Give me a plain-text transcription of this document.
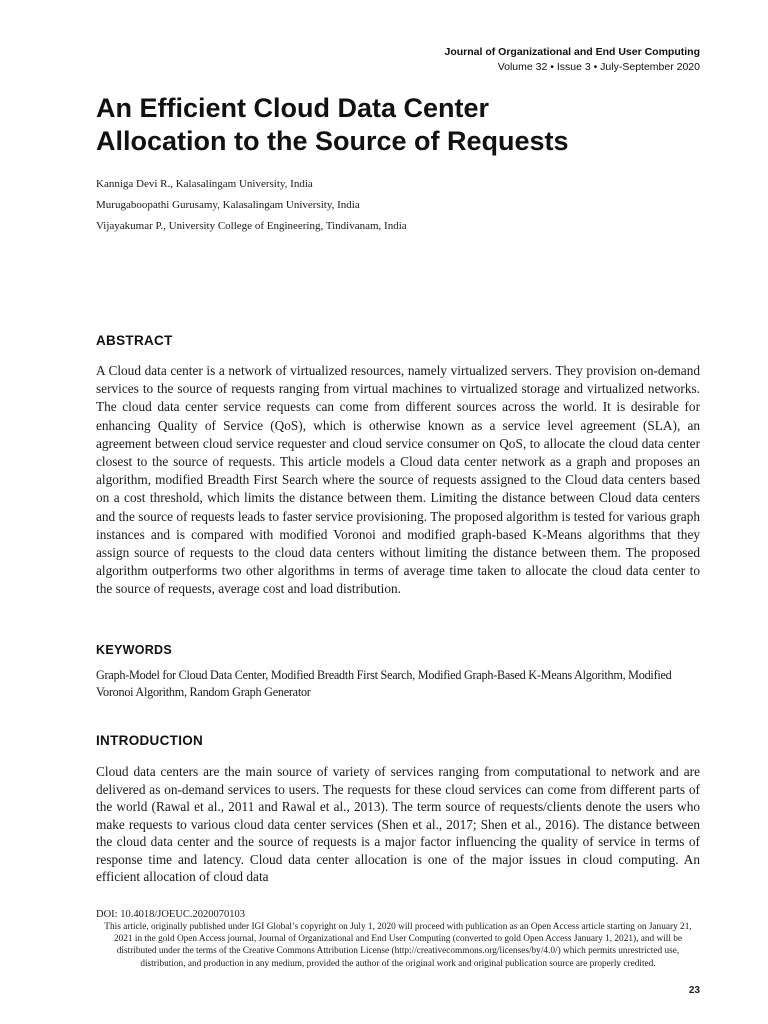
Journal of Organizational and End User Computing
Volume 32 • Issue 3 • July-September 2020
An Efficient Cloud Data Center
Allocation to the Source of Requests
Kanniga Devi R., Kalasalingam University, India
Murugaboopathi Gurusamy, Kalasalingam University, India
Vijayakumar P., University College of Engineering, Tindivanam, India
ABSTRACT

A Cloud data center is a network of virtualized resources, namely virtualized servers. They provision on-demand services to the source of requests ranging from virtual machines to virtualized storage and virtualized networks. The cloud data center service requests can come from different sources across the world. It is desirable for enhancing Quality of Service (QoS), which is otherwise known as a service level agreement (SLA), an agreement between cloud service requester and cloud service consumer on QoS, to allocate the cloud data center closest to the source of requests. This article models a Cloud data center network as a graph and proposes an algorithm, modified Breadth First Search where the source of requests assigned to the Cloud data centers based on a cost threshold, which limits the distance between them. Limiting the distance between Cloud data centers and the source of requests leads to faster service provisioning. The proposed algorithm is tested for various graph instances and is compared with modified Voronoi and modified graph-based K-Means algorithms that they assign source of requests to the cloud data centers without limiting the distance between them. The proposed algorithm outperforms two other algorithms in terms of average time taken to allocate the cloud data center to the source of requests, average cost and load distribution.

KEYWORDS

Graph-Model for Cloud Data Center, Modified Breadth First Search, Modified Graph-Based K-Means Algorithm, Modified Voronoi Algorithm, Random Graph Generator

INTRODUCTION

Cloud data centers are the main source of variety of services ranging from computational to network and are delivered as on-demand services to users. The requests for these cloud services can come from different parts of the world (Rawal et al., 2011 and Rawal et al., 2013). The term source of requests/clients denote the users who make requests to various cloud data center services (Shen et al., 2017; Shen et al., 2016). The distance between the cloud data center and the source of requests is a major factor influencing the quality of service in terms of response time and latency. Cloud data center allocation is one of the major issues in cloud computing. An efficient allocation of cloud data

DOI: 10.4018/JOEUC.2020070103

This article, originally published under IGI Global’s copyright on July 1, 2020 will proceed with publication as an Open Access article starting on January 21, 2021 in the gold Open Access journal, Journal of Organizational and End User Computing (converted to gold Open Access January 1, 2021), and will be distributed under the terms of the Creative Commons Attribution License (http://creativecommons.org/licenses/by/4.0/) which permits unrestricted use, distribution, and production in any medium, provided the author of the original work and original publication source are properly credited.

23
